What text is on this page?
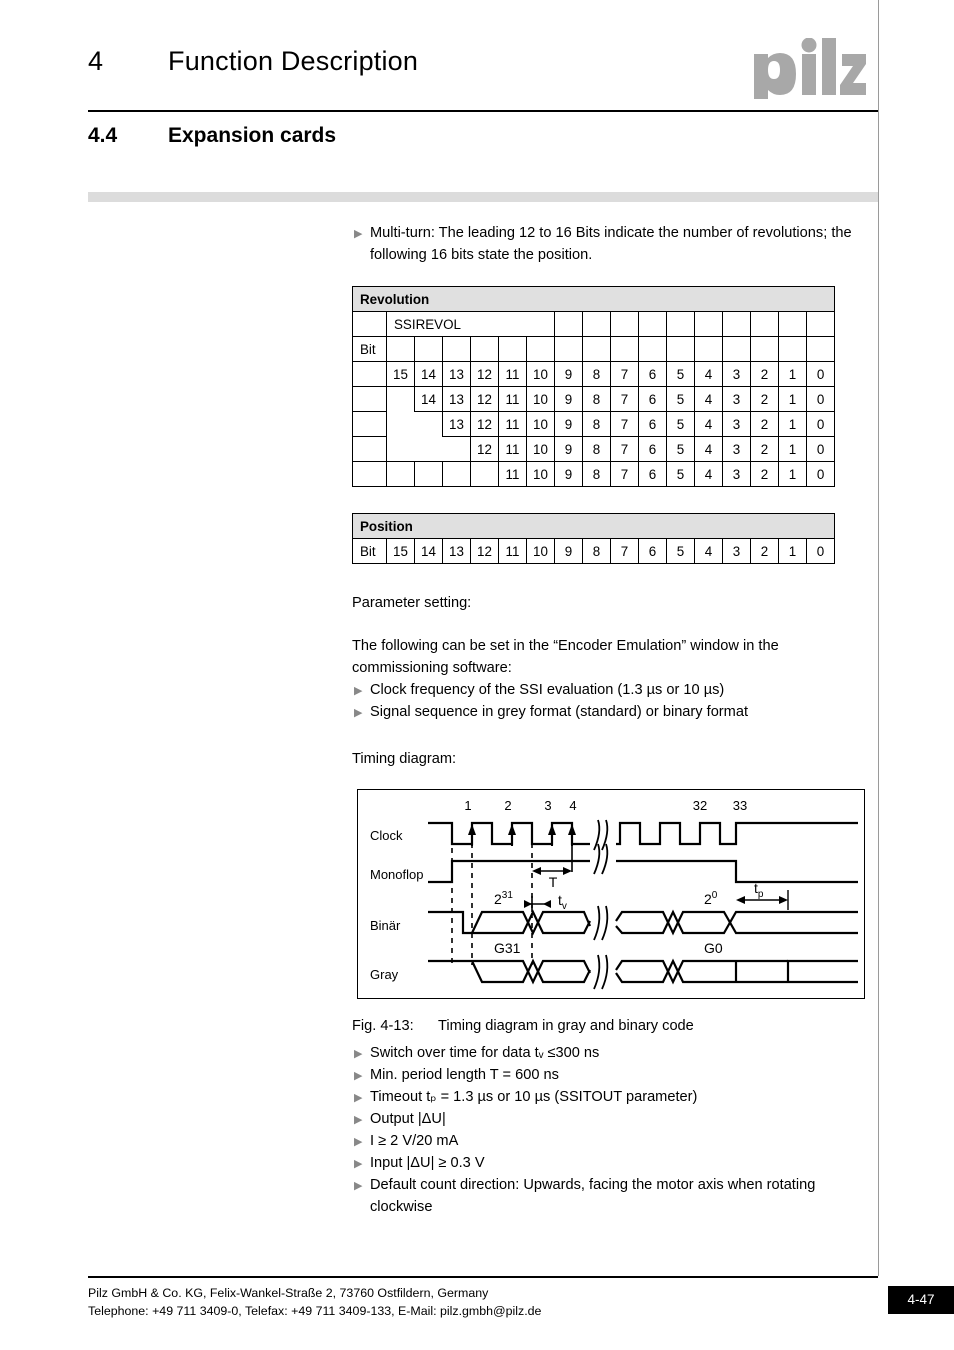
4 Function Description
4.4 Expansion cards
▶ Multi-turn: The leading 12 to 16 Bits indicate the number of revolutions; the following 16 bits state the position.
Revolution																
	SSIREVOL															
Bit																
	15	14	13	12	11	10	9	8	7	6	5	4	3	2	1	0
		14	13	12	11	10	9	8	7	6	5	4	3	2	1	0
			13	12	11	10	9	8	7	6	5	4	3	2	1	0
				12	11	10	9	8	7	6	5	4	3	2	1	0
					11	10	9	8	7	6	5	4	3	2	1	0
Position
Bit	15	14	13	12	11	10	9	8	7	6	5	4	3	2	1	0
Parameter setting:
The following can be set in the “Encoder Emulation” window in the commissioning software:
▶ Clock frequency of the SSI evaluation (1.3 µs or 10 µs)
▶ Signal sequence in grey format (standard) or binary format
Timing diagram:
Clock
Monoflop
Binär
Gray
1	2	3 4	32 33
T
$t_v$
$t_p$
$2^{31}$	$2^0$
G31	G0
Fig. 4-13: Timing diagram in gray and binary code
▶ Switch over time for data tᵥ ≤300 ns
▶ Min. period length T = 600 ns
▶ Timeout tₚ = 1.3 µs or 10 µs (SSITOUT parameter)
▶ Output |ΔU|
▶ I ≥ 2 V/20 mA
▶ Input |ΔU| ≥ 0.3 V
▶ Default count direction: Upwards, facing the motor axis when rotating clockwise
Pilz GmbH & Co. KG, Felix-Wankel-Straße 2, 73760 Ostfildern, Germany
Telephone: +49 711 3409-0, Telefax: +49 711 3409-133, E-Mail: pilz.gmbh@pilz.de
4-47
